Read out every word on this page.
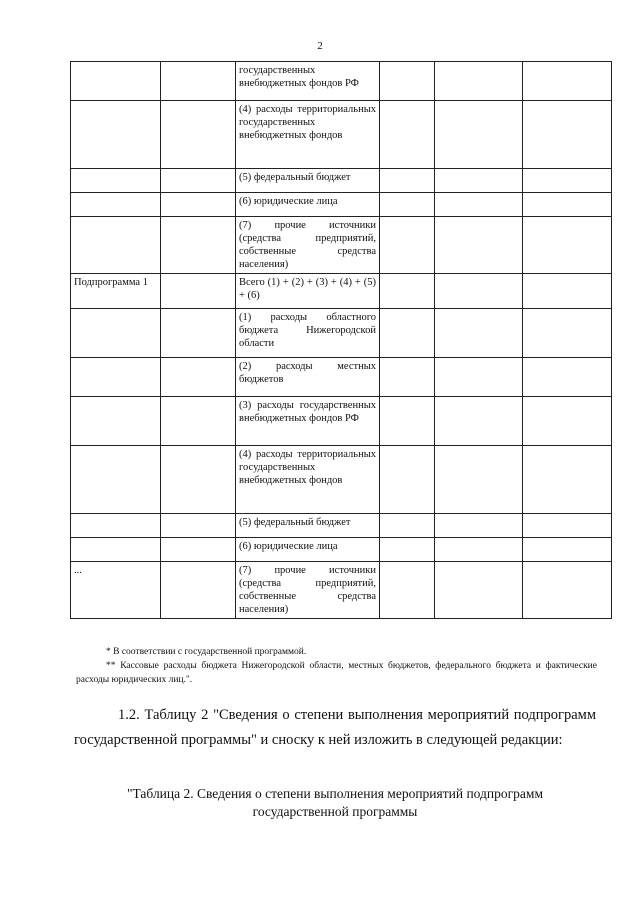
2
		государственных внебюджетных фондов РФ			
		(4) расходы территориальных государственных внебюджетных фондов			
		(5) федеральный бюджет			
		(6) юридические лица			
		(7) прочие источники (средства предприятий, собственные средства населения)			
Подпрограмма 1		Всего (1) + (2) + (3) + (4) + (5) + (6)			
		(1) расходы областного бюджета Нижегородской области			
		(2) расходы местных бюджетов			
		(3) расходы государственных внебюджетных фондов РФ			
		(4) расходы территориальных государственных внебюджетных фондов			
		(5) федеральный бюджет			
		(6) юридические лица			
...		(7) прочие источники (средства предприятий, собственные средства населения)			
* В соответствии с государственной программой.
** Кассовые расходы бюджета Нижегородской области, местных бюджетов, федерального бюджета и фактические расходы юридических лиц.".
1.2. Таблицу 2 "Сведения о степени выполнения мероприятий подпрограмм государственной программы" и сноску к ней изложить в следующей редакции:
"Таблица 2. Сведения о степени выполнения мероприятий подпрограмм государственной программы
